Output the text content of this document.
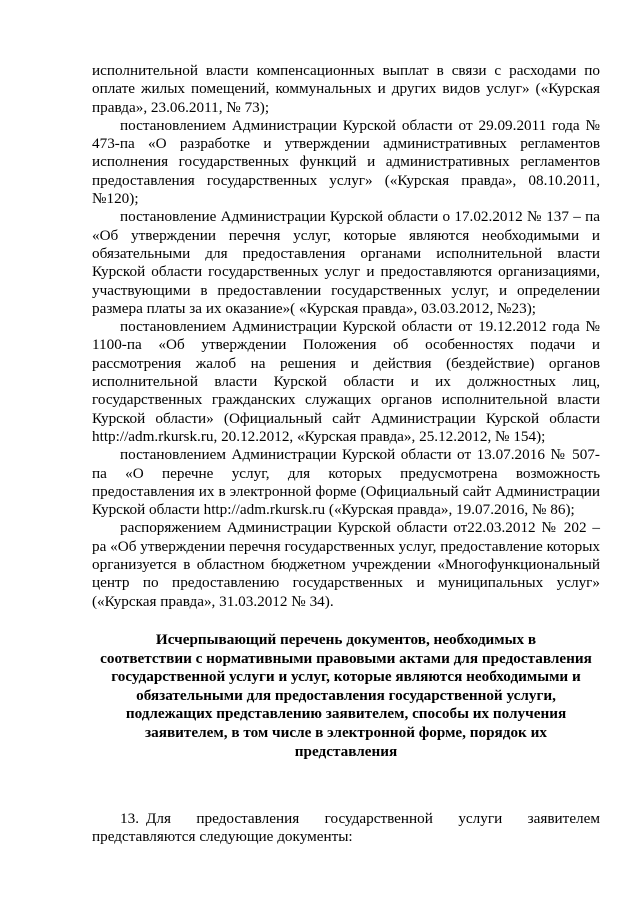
исполнительной власти компенсационных выплат в связи с расходами по оплате жилых помещений, коммунальных и других видов услуг» («Курская правда», 23.06.2011, № 73);

постановлением Администрации Курской области от 29.09.2011 года № 473-па «О разработке и утверждении административных регламентов исполнения государственных функций и административных регламентов предоставления государственных услуг» («Курская правда», 08.10.2011, №120);

постановление Администрации Курской области о 17.02.2012 № 137 – па «Об утверждении перечня услуг, которые являются необходимыми и обязательными для предоставления органами исполнительной власти Курской области государственных услуг и предоставляются организациями, участвующими в предоставлении государственных услуг, и определении размера платы за их оказание»( «Курская правда», 03.03.2012, №23);

постановлением Администрации Курской области от 19.12.2012 года № 1100-па «Об утверждении Положения об особенностях подачи и рассмотрения жалоб на решения и действия (бездействие) органов исполнительной власти Курской области и их должностных лиц, государственных гражданских служащих органов исполнительной власти Курской области» (Официальный сайт Администрации Курской области http://adm.rkursk.ru, 20.12.2012, «Курская правда», 25.12.2012, № 154);

постановлением Администрации Курской области от 13.07.2016 № 507-па «О перечне услуг, для которых предусмотрена возможность предоставления их в электронной форме (Официальный сайт Администрации Курской области http://adm.rkursk.ru («Курская правда», 19.07.2016, № 86);

распоряжением Администрации Курской области от22.03.2012 № 202 – ра «Об утверждении перечня государственных услуг, предоставление которых организуется в областном бюджетном учреждении «Многофункциональный центр по предоставлению государственных и муниципальных услуг» («Курская правда», 31.03.2012 № 34).

Исчерпывающий перечень документов, необходимых в
соответствии с нормативными правовыми актами для предоставления
государственной услуги и услуг, которые являются необходимыми и
обязательными для предоставления государственной услуги,
подлежащих представлению заявителем, способы их получения
заявителем, в том числе в электронной форме, порядок их
представления
13. Для предоставления государственной услуги заявителем представляются следующие документы:
